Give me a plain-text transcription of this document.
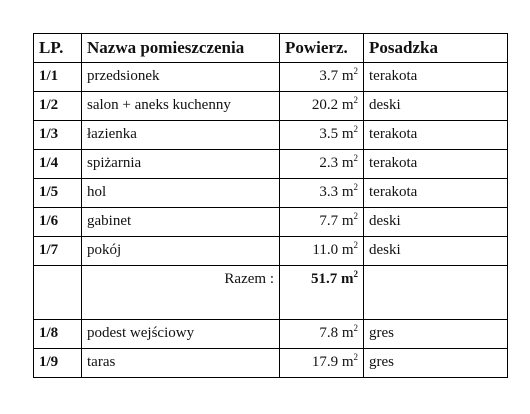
LP.	Nazwa pomieszczenia	Powierz.	Posadzka
1/1	przedsionek	3.7 $m^2$	terakota
1/2	salon + aneks kuchenny	20.2 $m^2$	deski
1/3	łazienka	3.5 $m^2$	terakota
1/4	spiżarnia	2.3 $m^2$	terakota
1/5	hol	3.3 $m^2$	terakota
1/6	gabinet	7.7 $m^2$	deski
1/7	pokój	11.0 $m^2$	deski
	Razem :	51.7 $m^2$	
1/8	podest wejściowy	7.8 $m^2$	gres
1/9	taras	17.9 $m^2$	gres
